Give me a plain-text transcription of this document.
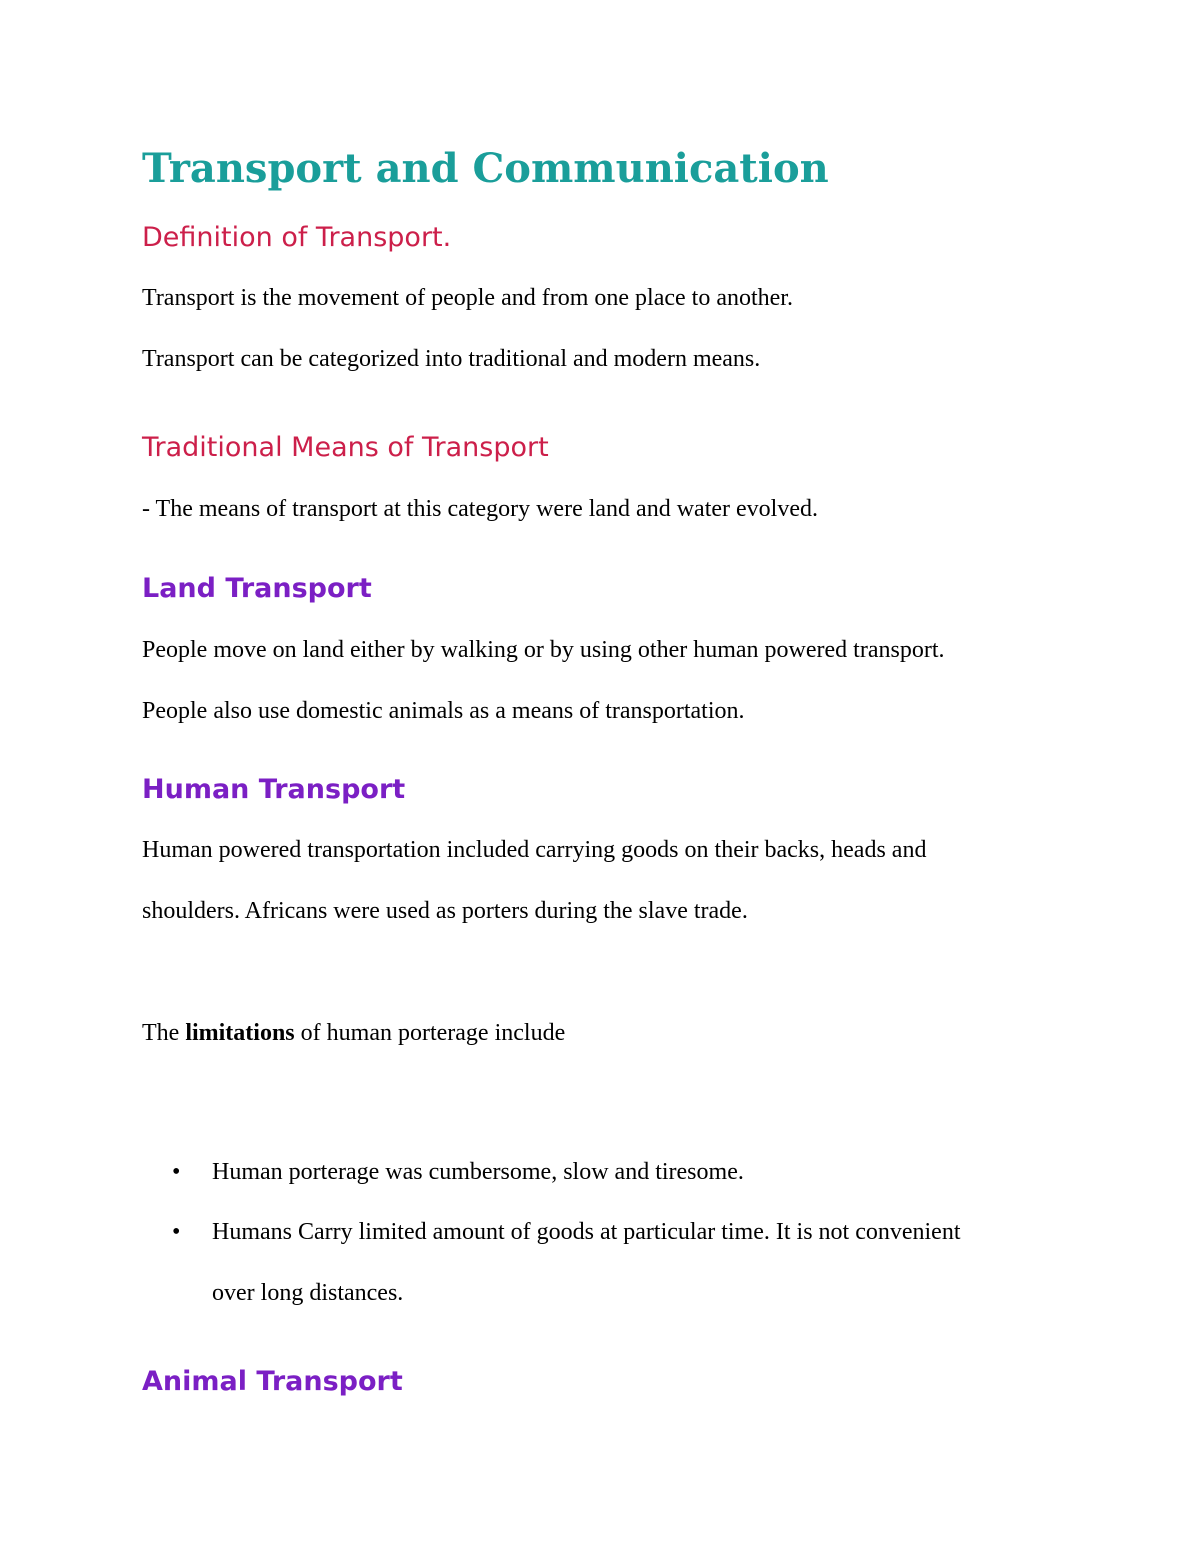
Transport and Communication
Definition of Transport.

Transport is the movement of people and from one place to another.

Transport can be categorized into traditional and modern means.

Traditional Means of Transport

- The means of transport at this category were land and water evolved.

Land Transport

People move on land either by walking or by using other human powered transport.

People also use domestic animals as a means of transportation.

Human Transport

Human powered transportation included carrying goods on their backs, heads and

shoulders. Africans were used as porters during the slave trade.

The limitations of human porterage include

• Human porterage was cumbersome, slow and tiresome.

• Humans Carry limited amount of goods at particular time. It is not convenient

over long distances.

Animal Transport
